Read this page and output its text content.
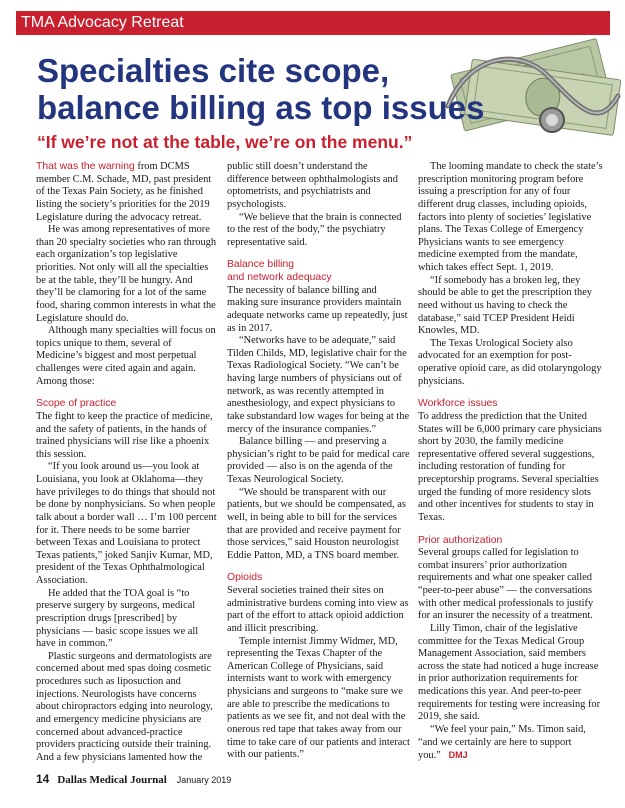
TMA Advocacy Retreat
Specialties cite scope,
balance billing as top issues
“If we’re not at the table, we’re on the menu.”

That was the warning from DCMS member C.M. Schade, MD, past president of the Texas Pain Society, as he finished listing the society’s priorities for the 2019 Legislature during the advocacy retreat.

He was among representatives of more than 20 specialty societies who ran through each organization’s top legislative priorities. Not only will all the specialties be at the table, they’ll be hungry. And they’ll be clamoring for a lot of the same food, sharing common interests in what the Legislature should do.

Although many specialties will focus on topics unique to them, several of Medicine’s biggest and most perpetual challenges were cited again and again. Among those:

Scope of practice

The fight to keep the practice of medicine, and the safety of patients, in the hands of trained physicians will rise like a phoenix this session.

“If you look around us—you look at Louisiana, you look at Oklahoma—they have privileges to do things that should not be done by nonphysicians. So when people talk about a border wall … I’m 100 percent for it. There needs to be some barrier between Texas and Louisiana to protect Texas patients,” joked Sanjiv Kumar, MD, president of the Texas Ophthalmological Association.

He added that the TOA goal is “to preserve surgery by surgeons, medical prescription drugs [prescribed] by physicians — basic scope issues we all have in common.”

Plastic surgeons and dermatologists are concerned about med spas doing cosmetic procedures such as liposuction and injections. Neurologists have concerns about chiropractors edging into neurology, and emergency medicine physicians are concerned about advanced-practice providers practicing outside their training. And a few physicians lamented how the

public still doesn’t understand the difference between ophthalmologists and optometrists, and psychiatrists and psychologists.

“We believe that the brain is connected to the rest of the body,” the psychiatry representative said.

Balance billing
and network adequacy

The necessity of balance billing and making sure insurance providers maintain adequate networks came up repeatedly, just as in 2017.

“Networks have to be adequate,” said Tilden Childs, MD, legislative chair for the Texas Radiological Society. “We can’t be having large numbers of physicians out of network, as was recently attempted in anesthesiology, and expect physicians to take substandard low wages for being at the mercy of the insurance companies.”

Balance billing — and preserving a physician’s right to be paid for medical care provided — also is on the agenda of the Texas Neurological Society.

“We should be transparent with our patients, but we should be compensated, as well, in being able to bill for the services that are provided and receive payment for those services,” said Houston neurologist Eddie Patton, MD, a TNS board member.

Opioids

Several societies trained their sites on administrative burdens coming into view as part of the effort to attack opioid addiction and illicit prescribing.

Temple internist Jimmy Widmer, MD, representing the Texas Chapter of the American College of Physicians, said internists want to work with emergency physicians and surgeons to “make sure we are able to prescribe the medications to patients as we see fit, and not deal with the onerous red tape that takes away from our time to take care of our patients and interact with our patients.”

The looming mandate to check the state’s prescription monitoring program before issuing a prescription for any of four different drug classes, including opioids, factors into plenty of societies’ legislative plans. The Texas College of Emergency Physicians wants to see emergency medicine exempted from the mandate, which takes effect Sept. 1, 2019.

“If somebody has a broken leg, they should be able to get the prescription they need without us having to check the database,” said TCEP President Heidi Knowles, MD.

The Texas Urological Society also advocated for an exemption for post-operative opioid care, as did otolaryngology physicians.

Workforce issues

To address the prediction that the United States will be 6,000 primary care physicians short by 2030, the family medicine representative offered several suggestions, including restoration of funding for preceptorship programs. Several specialties urged the funding of more residency slots and other incentives for students to stay in Texas.

Prior authorization

Several groups called for legislation to combat insurers’ prior authorization requirements and what one speaker called “peer-to-peer abuse” — the conversations with other medical professionals to justify for an insurer the necessity of a treatment.

Lilly Timon, chair of the legislative committee for the Texas Medical Group Management Association, said members across the state had noticed a huge increase in prior authorization requirements for medications this year. And peer-to-peer requirements for testing were increasing for 2019, she said.

“We feel your pain,” Ms. Timon said, “and we certainly are here to support you.” DMJ

14 Dallas Medical Journal January 2019
